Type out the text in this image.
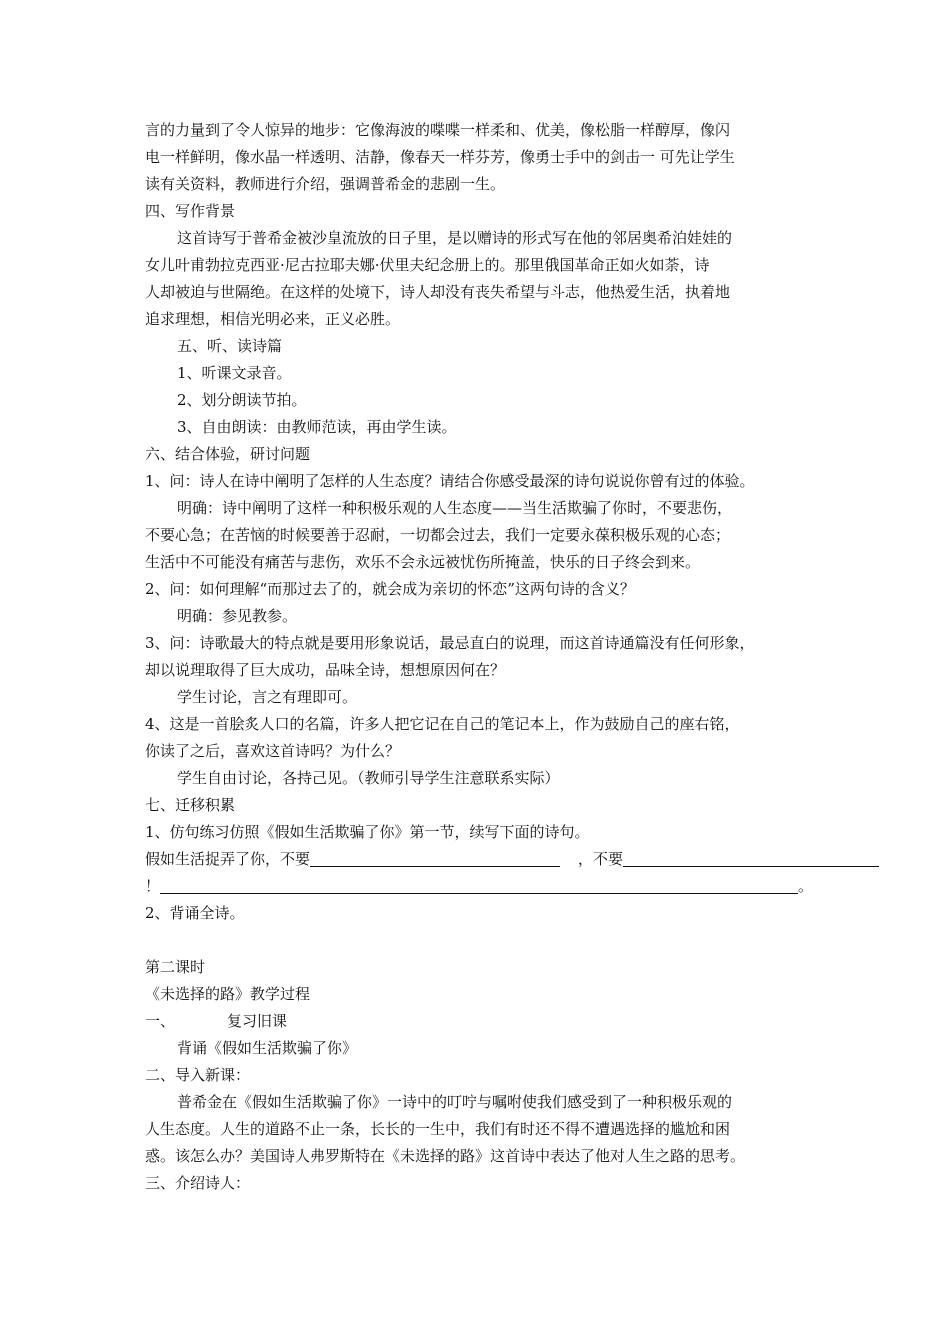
言的力量到了令人惊异的地步：它像海波的喋喋一样柔和、优美，像松脂一样醇厚，像闪
电一样鲜明，像水晶一样透明、洁静，像春天一样芬芳，像勇士手中的剑击一 可先让学生
读有关资料，教师进行介绍，强调普希金的悲剧一生。
四、写作背景
这首诗写于普希金被沙皇流放的日子里，是以赠诗的形式写在他的邻居奥希泊娃娃的
女儿叶甫勃拉克西亚·尼古拉耶夫娜·伏里夫纪念册上的。那里俄国革命正如火如荼，诗
人却被迫与世隔绝。在这样的处境下，诗人却没有丧失希望与斗志，他热爱生活，执着地
追求理想，相信光明必来，正义必胜。
五、听、读诗篇
1、听课文录音。
2、划分朗读节拍。
3、自由朗读：由教师范读，再由学生读。
六、结合体验，研讨问题
1、问：诗人在诗中阐明了怎样的人生态度？请结合你感受最深的诗句说说你曾有过的体验。
明确：诗中阐明了这样一种积极乐观的人生态度——当生活欺骗了你时，不要悲伤，
不要心急；在苦恼的时候要善于忍耐，一切都会过去，我们一定要永葆积极乐观的心态；
生活中不可能没有痛苦与悲伤，欢乐不会永远被忧伤所掩盖，快乐的日子终会到来。
2、问：如何理解“而那过去了的，就会成为亲切的怀恋”这两句诗的含义？
明确：参见教参。
3、问：诗歌最大的特点就是要用形象说话，最忌直白的说理，而这首诗通篇没有任何形象，
却以说理取得了巨大成功，品味全诗，想想原因何在？
学生讨论，言之有理即可。
4、这是一首脍炙人口的名篇，许多人把它记在自己的笔记本上，作为鼓励自己的座右铭，
你读了之后，喜欢这首诗吗？为什么？
学生自由讨论，各持己见。（教师引导学生注意联系实际）
七、迁移积累
1、仿句练习仿照《假如生活欺骗了你》第一节，续写下面的诗句。
假如生活捉弄了你，不要	，不要
！	。
2、背诵全诗。
第二课时
《未选择的路》教学过程
一、	复习旧课
背诵《假如生活欺骗了你》
二、导入新课：
普希金在《假如生活欺骗了你》一诗中的叮咛与嘱咐使我们感受到了一种积极乐观的
人生态度。人生的道路不止一条，长长的一生中，我们有时还不得不遭遇选择的尴尬和困
惑。该怎么办？美国诗人弗罗斯特在《未选择的路》这首诗中表达了他对人生之路的思考。
三、介绍诗人：
